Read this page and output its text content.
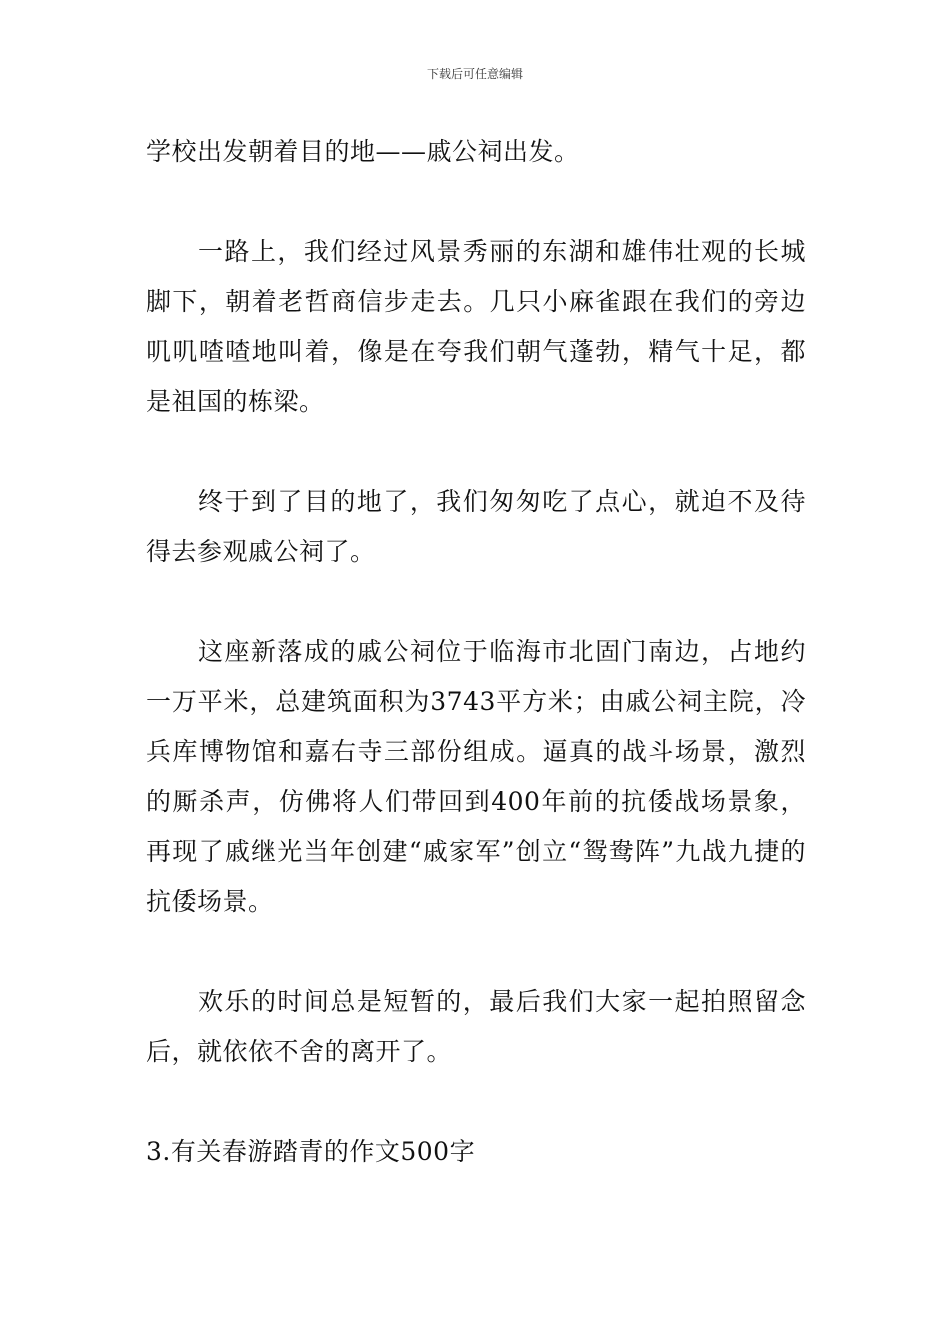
下载后可任意编辑

学校出发朝着目的地——戚公祠出发。

一路上，我们经过风景秀丽的东湖和雄伟壮观的长城脚下，朝着老哲商信步走去。几只小麻雀跟在我们的旁边叽叽喳喳地叫着，像是在夸我们朝气蓬勃，精气十足，都是祖国的栋梁。

终于到了目的地了，我们匆匆吃了点心，就迫不及待得去参观戚公祠了。

这座新落成的戚公祠位于临海市北固门南边，占地约一万平米，总建筑面积为3743平方米；由戚公祠主院，冷兵库博物馆和嘉右寺三部份组成。逼真的战斗场景，激烈的厮杀声，仿佛将人们带回到400年前的抗倭战场景象，再现了戚继光当年创建“戚家军”创立“鸳鸯阵”九战九捷的抗倭场景。

欢乐的时间总是短暂的，最后我们大家一起拍照留念后，就依依不舍的离开了。

3.有关春游踏青的作文500字
